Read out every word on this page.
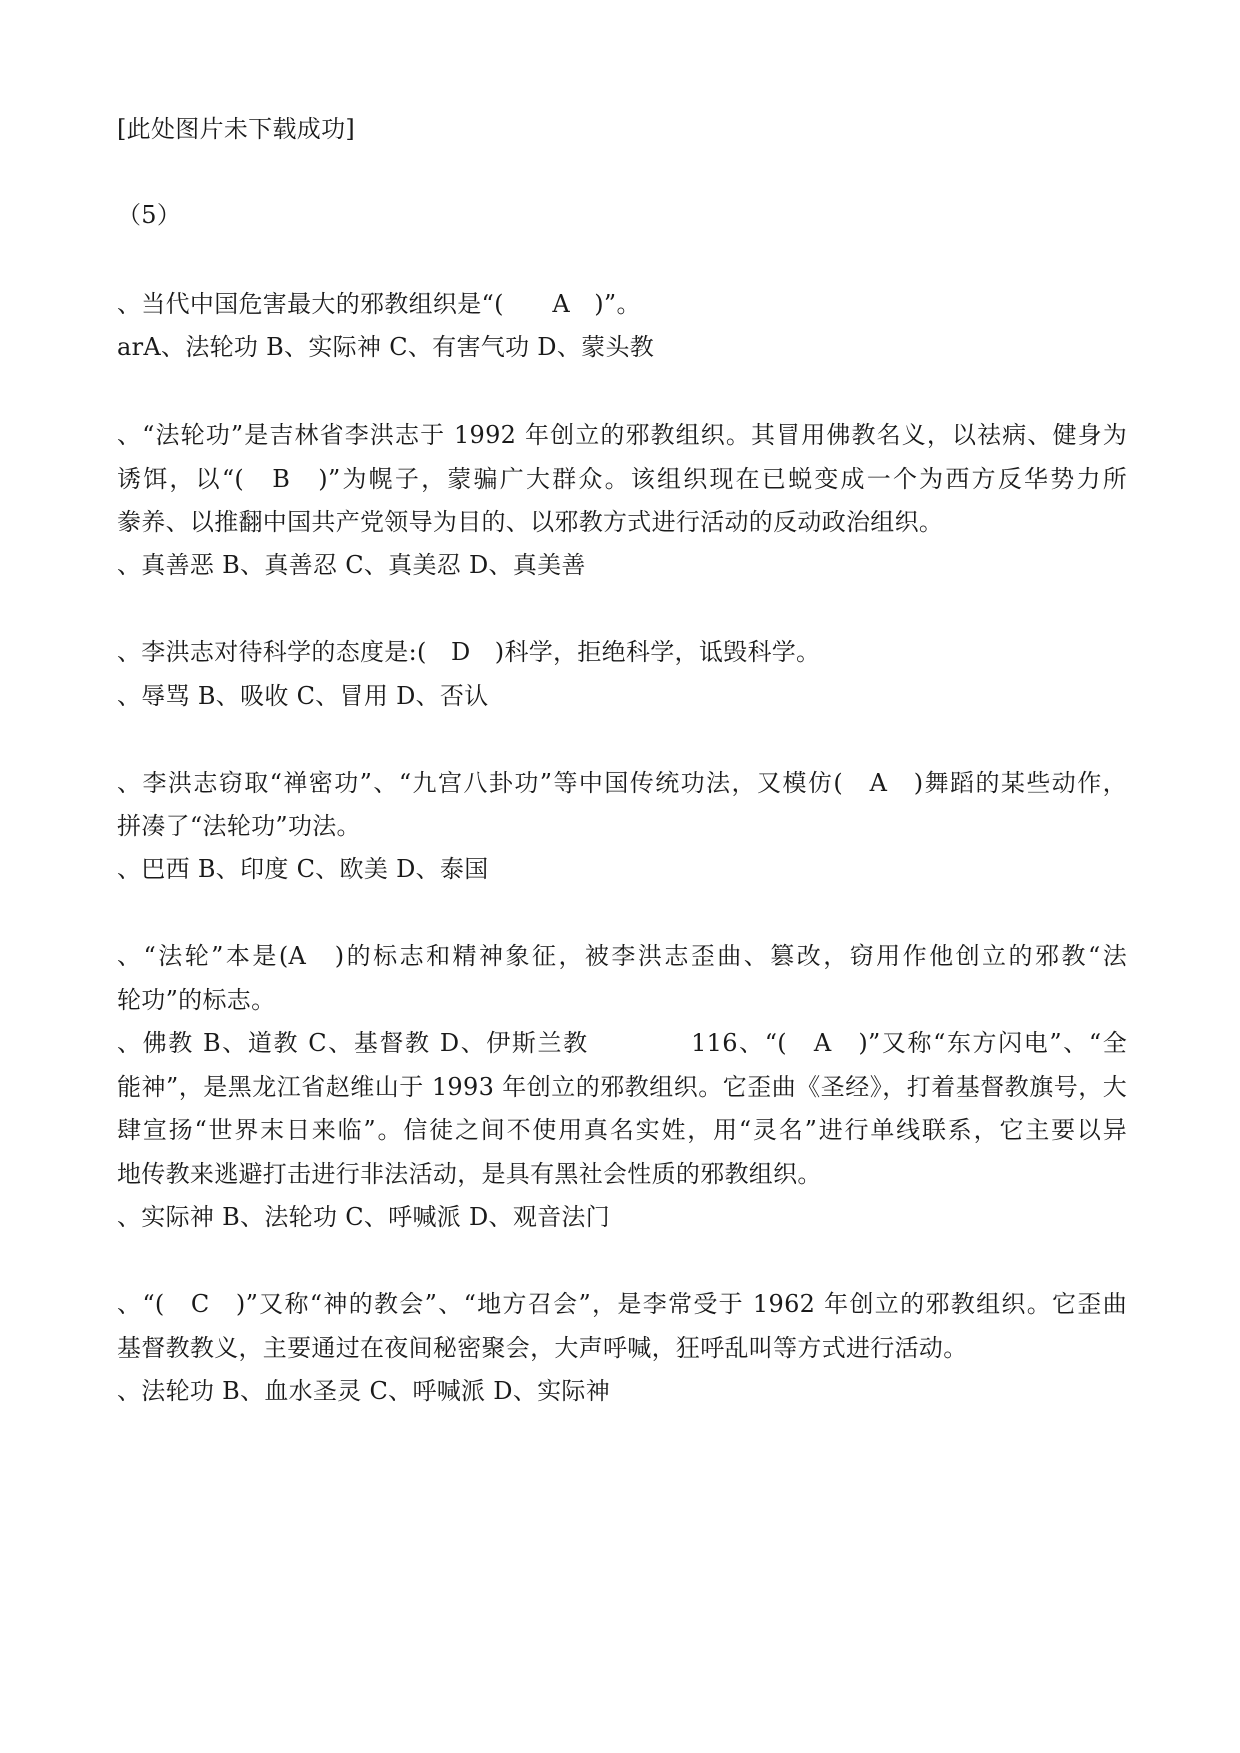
[此处图片未下载成功]
（5）
、当代中国危害最大的邪教组织是“(　　A　)”。
arA、法轮功 B、实际神 C、有害气功 D、蒙头教
、“法轮功”是吉林省李洪志于 1992 年创立的邪教组织。其冒用佛教名义，以祛病、健身为
诱饵，以“(　B　)”为幌子，蒙骗广大群众。该组织现在已蜕变成一个为西方反华势力所
豢养、以推翻中国共产党领导为目的、以邪教方式进行活动的反动政治组织。
、真善恶 B、真善忍 C、真美忍 D、真美善
、李洪志对待科学的态度是:(　D　)科学，拒绝科学，诋毁科学。
、辱骂 B、吸收 C、冒用 D、否认
、李洪志窃取“禅密功”、“九宫八卦功”等中国传统功法，又模仿(　A　)舞蹈的某些动作，
拼凑了“法轮功”功法。
、巴西 B、印度 C、欧美 D、泰国
、“法轮”本是(A　)的标志和精神象征，被李洪志歪曲、篡改，窃用作他创立的邪教“法
轮功”的标志。
、佛教 B、道教 C、基督教 D、伊斯兰教　　　　116、“(　A　)”又称“东方闪电”、“全
能神”，是黑龙江省赵维山于 1993 年创立的邪教组织。它歪曲《圣经》，打着基督教旗号，大
肆宣扬“世界末日来临”。信徒之间不使用真名实姓，用“灵名”进行单线联系，它主要以异
地传教来逃避打击进行非法活动，是具有黑社会性质的邪教组织。
、实际神 B、法轮功 C、呼喊派 D、观音法门
、“(　C　)”又称“神的教会”、“地方召会”，是李常受于 1962 年创立的邪教组织。它歪曲
基督教教义，主要通过在夜间秘密聚会，大声呼喊，狂呼乱叫等方式进行活动。
、法轮功 B、血水圣灵 C、呼喊派 D、实际神
